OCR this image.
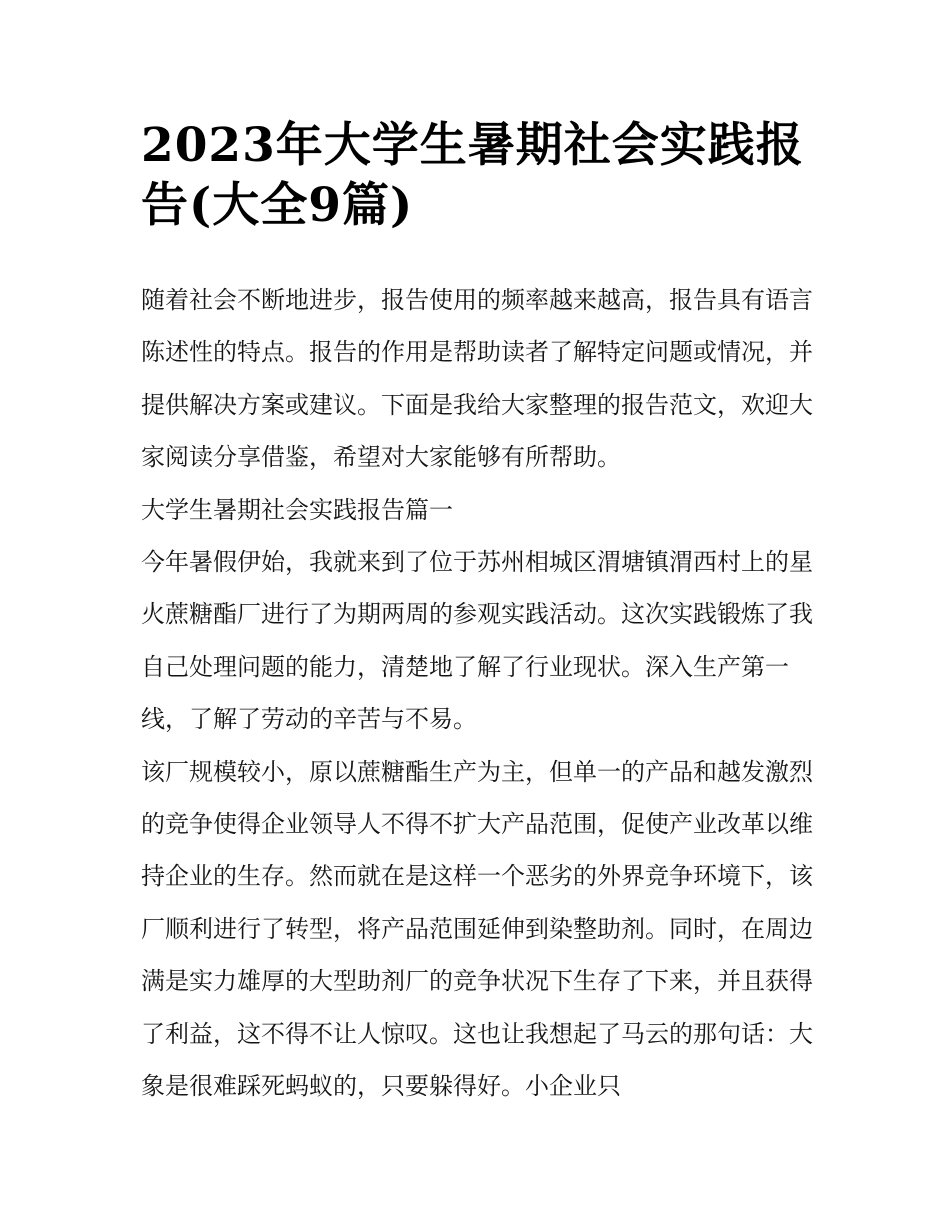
2023年大学生暑期社会实践报告(大全9篇)

随着社会不断地进步，报告使用的频率越来越高，报告具有语言陈述性的特点。报告的作用是帮助读者了解特定问题或情况，并提供解决方案或建议。下面是我给大家整理的报告范文，欢迎大家阅读分享借鉴，希望对大家能够有所帮助。

大学生暑期社会实践报告篇一

今年暑假伊始，我就来到了位于苏州相城区渭塘镇渭西村上的星火蔗糖酯厂进行了为期两周的参观实践活动。这次实践锻炼了我自己处理问题的能力，清楚地了解了行业现状。深入生产第一线，了解了劳动的辛苦与不易。

该厂规模较小，原以蔗糖酯生产为主，但单一的产品和越发激烈的竞争使得企业领导人不得不扩大产品范围，促使产业改革以维持企业的生存。然而就在是这样一个恶劣的外界竞争环境下，该厂顺利进行了转型，将产品范围延伸到染整助剂。同时，在周边满是实力雄厚的大型助剂厂的竞争状况下生存了下来，并且获得了利益，这不得不让人惊叹。这也让我想起了马云的那句话：大象是很难踩死蚂蚁的，只要躲得好。小企业只
